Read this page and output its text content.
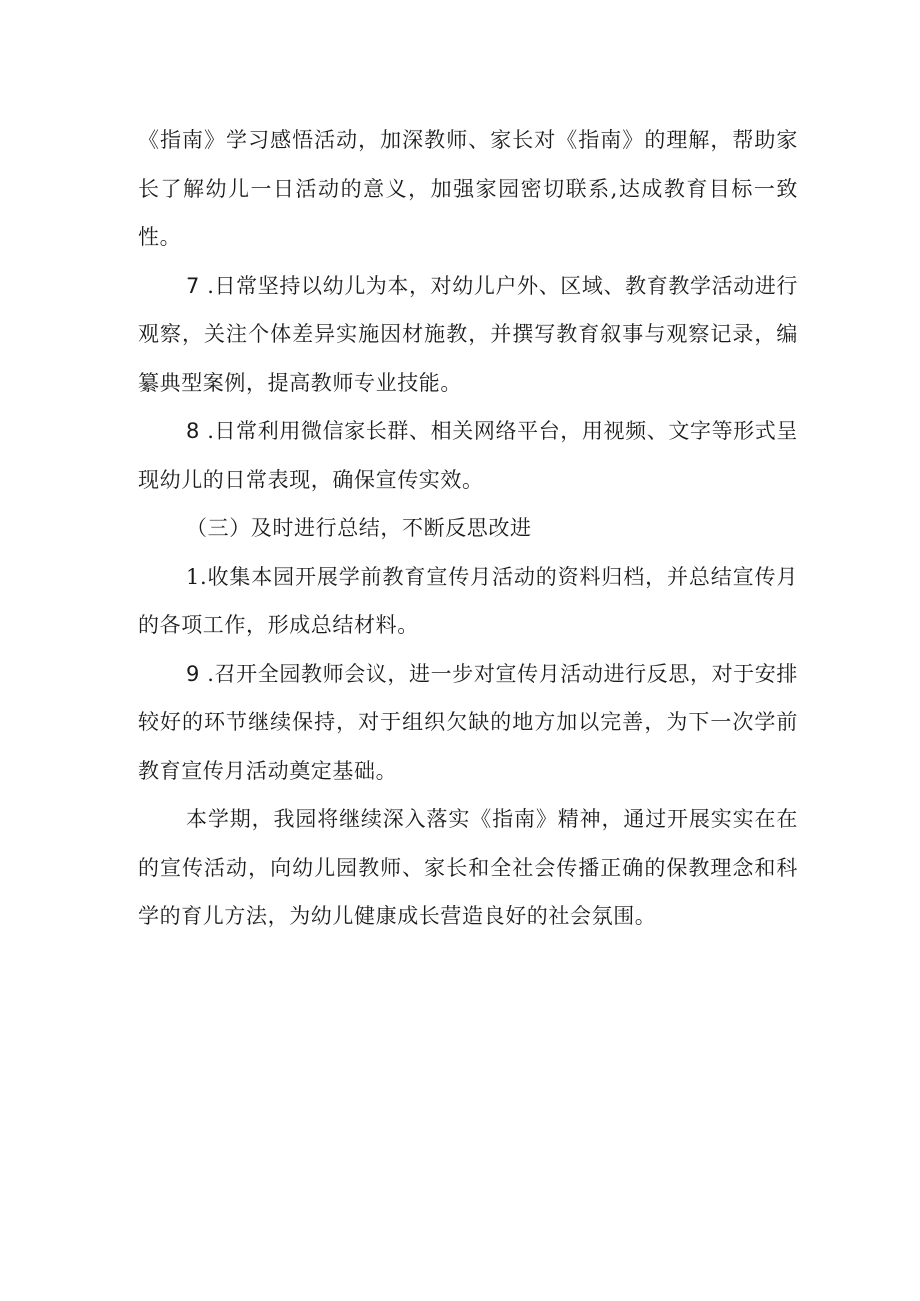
《指南》学习感悟活动，加深教师、家长对《指南》的理解，帮助家长了解幼儿一日活动的意义，加强家园密切联系,达成教育目标一致性。

7 .日常坚持以幼儿为本，对幼儿户外、区域、教育教学活动进行观察，关注个体差异实施因材施教，并撰写教育叙事与观察记录，编纂典型案例，提高教师专业技能。

8 .日常利用微信家长群、相关网络平台，用视频、文字等形式呈现幼儿的日常表现，确保宣传实效。

（三）及时进行总结，不断反思改进

1.收集本园开展学前教育宣传月活动的资料归档，并总结宣传月的各项工作，形成总结材料。

9 .召开全园教师会议，进一步对宣传月活动进行反思，对于安排较好的环节继续保持，对于组织欠缺的地方加以完善，为下一次学前教育宣传月活动奠定基础。

本学期，我园将继续深入落实《指南》精神，通过开展实实在在的宣传活动，向幼儿园教师、家长和全社会传播正确的保教理念和科学的育儿方法，为幼儿健康成长营造良好的社会氛围。
